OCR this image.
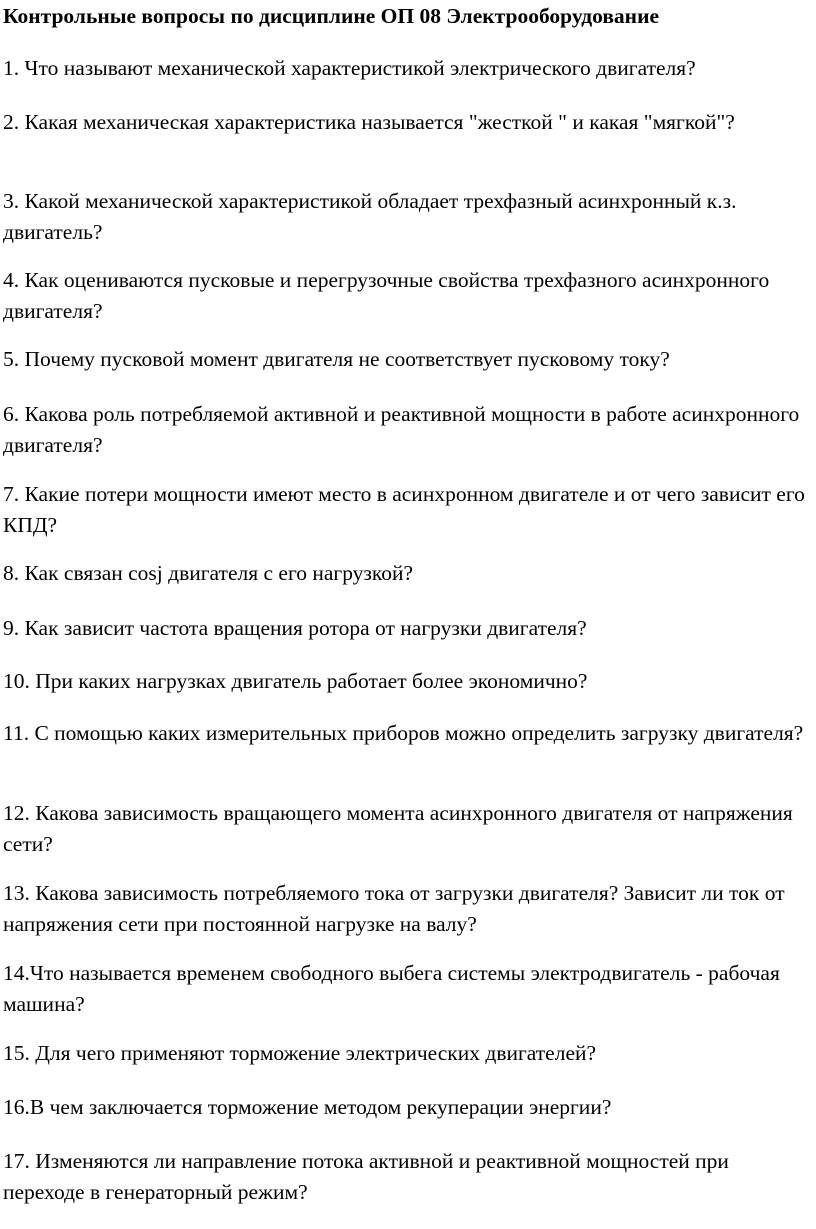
Контрольные вопросы по дисциплине ОП 08 Электрооборудование

1. Что называют механической характеристикой электрического двигателя?

2. Какая механическая характеристика называется "жесткой " и какая "мягкой"?

3. Какой механической характеристикой обладает трехфазный асинхронный к.з. двигатель?

4. Как оцениваются пусковые и перегрузочные свойства трехфазного асинхронного двигателя?

5. Почему пусковой момент двигателя не соответствует пусковому току?

6. Какова роль потребляемой активной и реактивной мощности в работе асинхронного двигателя?

7. Какие потери мощности имеют место в асинхронном двигателе и от чего зависит его КПД?

8. Как связан cosj двигателя с его нагрузкой?

9. Как зависит частота вращения ротора от нагрузки двигателя?

10. При каких нагрузках двигатель работает более экономично?

11. С помощью каких измерительных приборов можно определить загрузку двигателя?

12. Какова зависимость вращающего момента асинхронного двигателя от напряжения сети?

13. Какова зависимость потребляемого тока от загрузки двигателя? Зависит ли ток от напряжения сети при постоянной нагрузке на валу?

14.Что называется временем свободного выбега системы электродвигатель - рабочая машина?

15. Для чего применяют торможение электрических двигателей?

16.В чем заключается торможение методом рекуперации энергии?

17. Изменяются ли направление потока активной и реактивной мощностей при переходе в генераторный режим?
